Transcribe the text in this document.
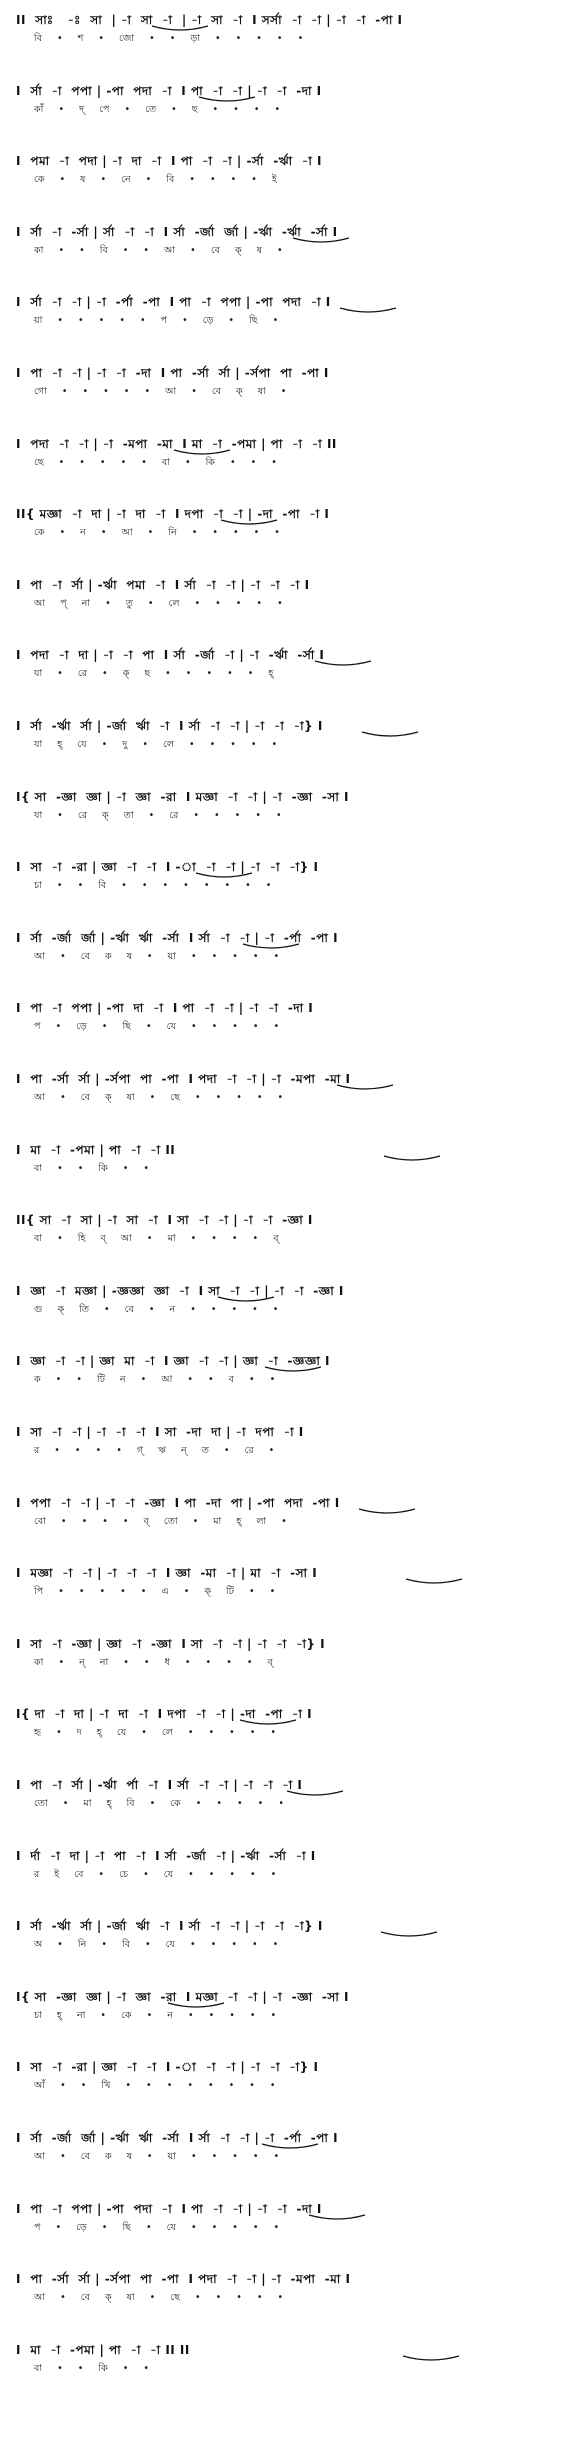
II  সাঃ   -ঃ  সা  | -া  সা  -া  | -া  সা  -া  I সর্সা  -া  -া | -া  -া  -পা I
বি  •  শ  •  জো  •  •  ড়া  •  •  •  •  •
I  র্সা  -া  পপা | -পা  পদা  -া  I পা  -া  -া | -া  -া  -দা I
কাঁ  •  দ্  পে  •  তে  •  ছ  •  •  •  •
I  পমা  -া  পদা | -া  দা  -া  I পা  -া  -া | -র্সা  -র্ঋা  -া I
কে  •  ষ  •  নে  •  বি  •  •  •  •  ই
I  র্সা  -া  -র্সা | র্সা  -া  -া  I র্সা  -র্জা  র্জা | -র্ঋা  -র্ঋা  -র্সা I
কা  •  •  বি  •  •  আ  •  বে  ক্  ষ  •
I  র্সা  -া  -া | -া  -র্পা  -পা  I পা  -া  পপা | -পা  পদা  -া I
য়া  •  •  •  •  •  প  •  ড়ে  •  ছি  •
I  পা  -া  -া | -া  -া  -দা  I পা  -র্সা  র্সা | -র্সপা  পা  -পা I
গো  •  •  •  •  •  আ  •  বে  ক্  ষা  •
I  পদা  -া  -া | -া  -মপা  -মা  I মা  -া  -পমা | পা  -া  -া II
ছে  •  •  •  •  •  বা  •  কি  •  •  •
II{ মজ্ঞা  -া  দা | -া  দা  -া  I দপা  -া  -া | -দা  -পা  -া I
কে  •  ন  •  আ  •  নি  •  •  •  •  •
I  পা  -া  র্সা | -র্ঋা  পমা  -া  I র্সা  -া  -া | -া  -া  -া I
আ  প্  না  •  তু  •  লে  •  •  •  •  •
I  পদা  -া  দা | -া  -া  পা  I র্সা  -র্জা  -া | -া  -র্ঋা  -র্সা I
যা  •  রে  •  ক্  ছ  •  •  •  •  •  হ্
I  র্সা  -র্ঋা  র্সা | -র্জা  র্ঋা  -া  I র্সা  -া  -া | -া  -া  -া} I
যা  হ্  যে  •  দু  •  লে  •  •  •  •  •
I{ সা  -জ্ঞা  জ্ঞা | -া  জ্ঞা  -রা  I মজ্ঞা  -া  -া | -া  -জ্ঞা  -সা I
যা  •  রে  ক্  তা  •  রে  •  •  •  •  •
I  সা  -া  -রা | জ্ঞা  -া  -া  I -া  -া  -া | -া  -া  -া} I
চা  •  •  বি  •  •  •  •  •  •  •  •
I  র্সা  -র্জা  র্জা | -র্ঋা  র্ঋা  -র্সা  I র্সা  -া  -া | -া  -র্পা  -পা I
আ  •  বে  ক  ষ  •  য়া  •  •  •  •  •
I  পা  -া  পপা | -পা  দা  -া  I পা  -া  -া | -া  -া  -দা I
প  •  ড়ে  •  ছি  •  যে  •  •  •  •  •
I  পা  -র্সা  র্সা | -র্সপা  পা  -পা  I পদা  -া  -া | -া  -মপা  -মা I
আ  •  বে  ক্  ষা  •  ছে  •  •  •  •  •
I  মা  -া  -পমা | পা  -া  -া II
বা  •  •  কি  •  •
II{ সা  -া  সা | -া  সা  -া  I সা  -া  -া | -া  -া  -জ্ঞা I
বা  •  হি  ব্  আ  •  মা  •  •  •  •  ব্
I  জ্ঞা  -া  মজ্ঞা | -জ্ঞজ্ঞা  জ্ঞা  -া  I সা  -া  -া | -া  -া  -জ্ঞা I
গু  ক্  তি  •  বে  •  ন  •  •  •  •  •
I  জ্ঞা  -া  -া | জ্ঞা  মা  -া  I জ্ঞা  -া  -া | জ্ঞা  -া  -জ্ঞজ্ঞা I
ক  •  •  টি  ন  •  আ  •  •  ব  •  •
I  সা  -া  -া | -া  -া  -া  I সা  -দা  দা | -া  দপা  -া I
র  •  •  •  •  গ্  ঋ  ন্  ত  •  রে  •
I  পপা  -া  -া | -া  -া  -জ্ঞা  I পা  -দা  পা | -পা  পদা  -পা I
বো  •  •  •  •  ব্  তো  •  মা  হ্  লা  •
I  মজ্ঞা  -া  -া | -া  -া  -া  I জ্ঞা  -মা  -া | মা  -া  -সা I
পি  •  •  •  •  •  এ  •  ক্  টি  •  •
I  সা  -া  -জ্ঞা | জ্ঞা  -া  -জ্ঞা  I সা  -া  -া | -া  -া  -া} I
কা  •  ন্  না  •  •  ধ  •  •  •  •  ব্
I{ দা  -া  দা | -া  দা  -া  I দপা  -া  -া | -দা  -পা  -া I
হৃ  •  দ  হ্  যে  •  লে  •  •  •  •  •
I  পা  -া  র্সা | -র্ঋা  র্পা  -া  I র্সা  -া  -া | -া  -া  -া I
তো  •  মা  হ্  বি  •  কে  •  •  •  •  •
I  র্দা  -া  দা | -া  পা  -া  I র্সা  -র্জা  -া | -র্ঋা  -র্সা  -া I
র  ই  বে  •  চে  •  যে  •  •  •  •  •
I  র্সা  -র্ঋা  র্সা | -র্জা  র্ঋা  -া  I র্সা  -া  -া | -া  -া  -া} I
অ  •  নি  •  বি  •  যে  •  •  •  •  •
I{ সা  -জ্ঞা  জ্ঞা | -া  জ্ঞা  -রা  I মজ্ঞা  -া  -া | -া  -জ্ঞা  -সা I
চা  হ্  না  •  কে  •  ন  •  •  •  •  •
I  সা  -া  -রা | জ্ঞা  -া  -া  I -া  -া  -া | -া  -া  -া} I
আঁ  •  •  খি  •  •  •  •  •  •  •  •
I  র্সা  -র্জা  র্জা | -র্ঋা  র্ঋা  -র্সা  I র্সা  -া  -া | -া  -র্পা  -পা I
আ  •  বে  ক  ষ  •  য়া  •  •  •  •  •
I  পা  -া  পপা | -পা  পদা  -া  I পা  -া  -া | -া  -া  -দা I
প  •  ড়ে  •  ছি  •  যে  •  •  •  •  •
I  পা  -র্সা  র্সা | -র্সপা  পা  -পা  I পদা  -া  -া | -া  -মপা  -মা I
আ  •  বে  ক্  ষা  •  ছে  •  •  •  •  •
I  মা  -া  -পমা | পা  -া  -া II II
বা  •  •  কি  •  •
